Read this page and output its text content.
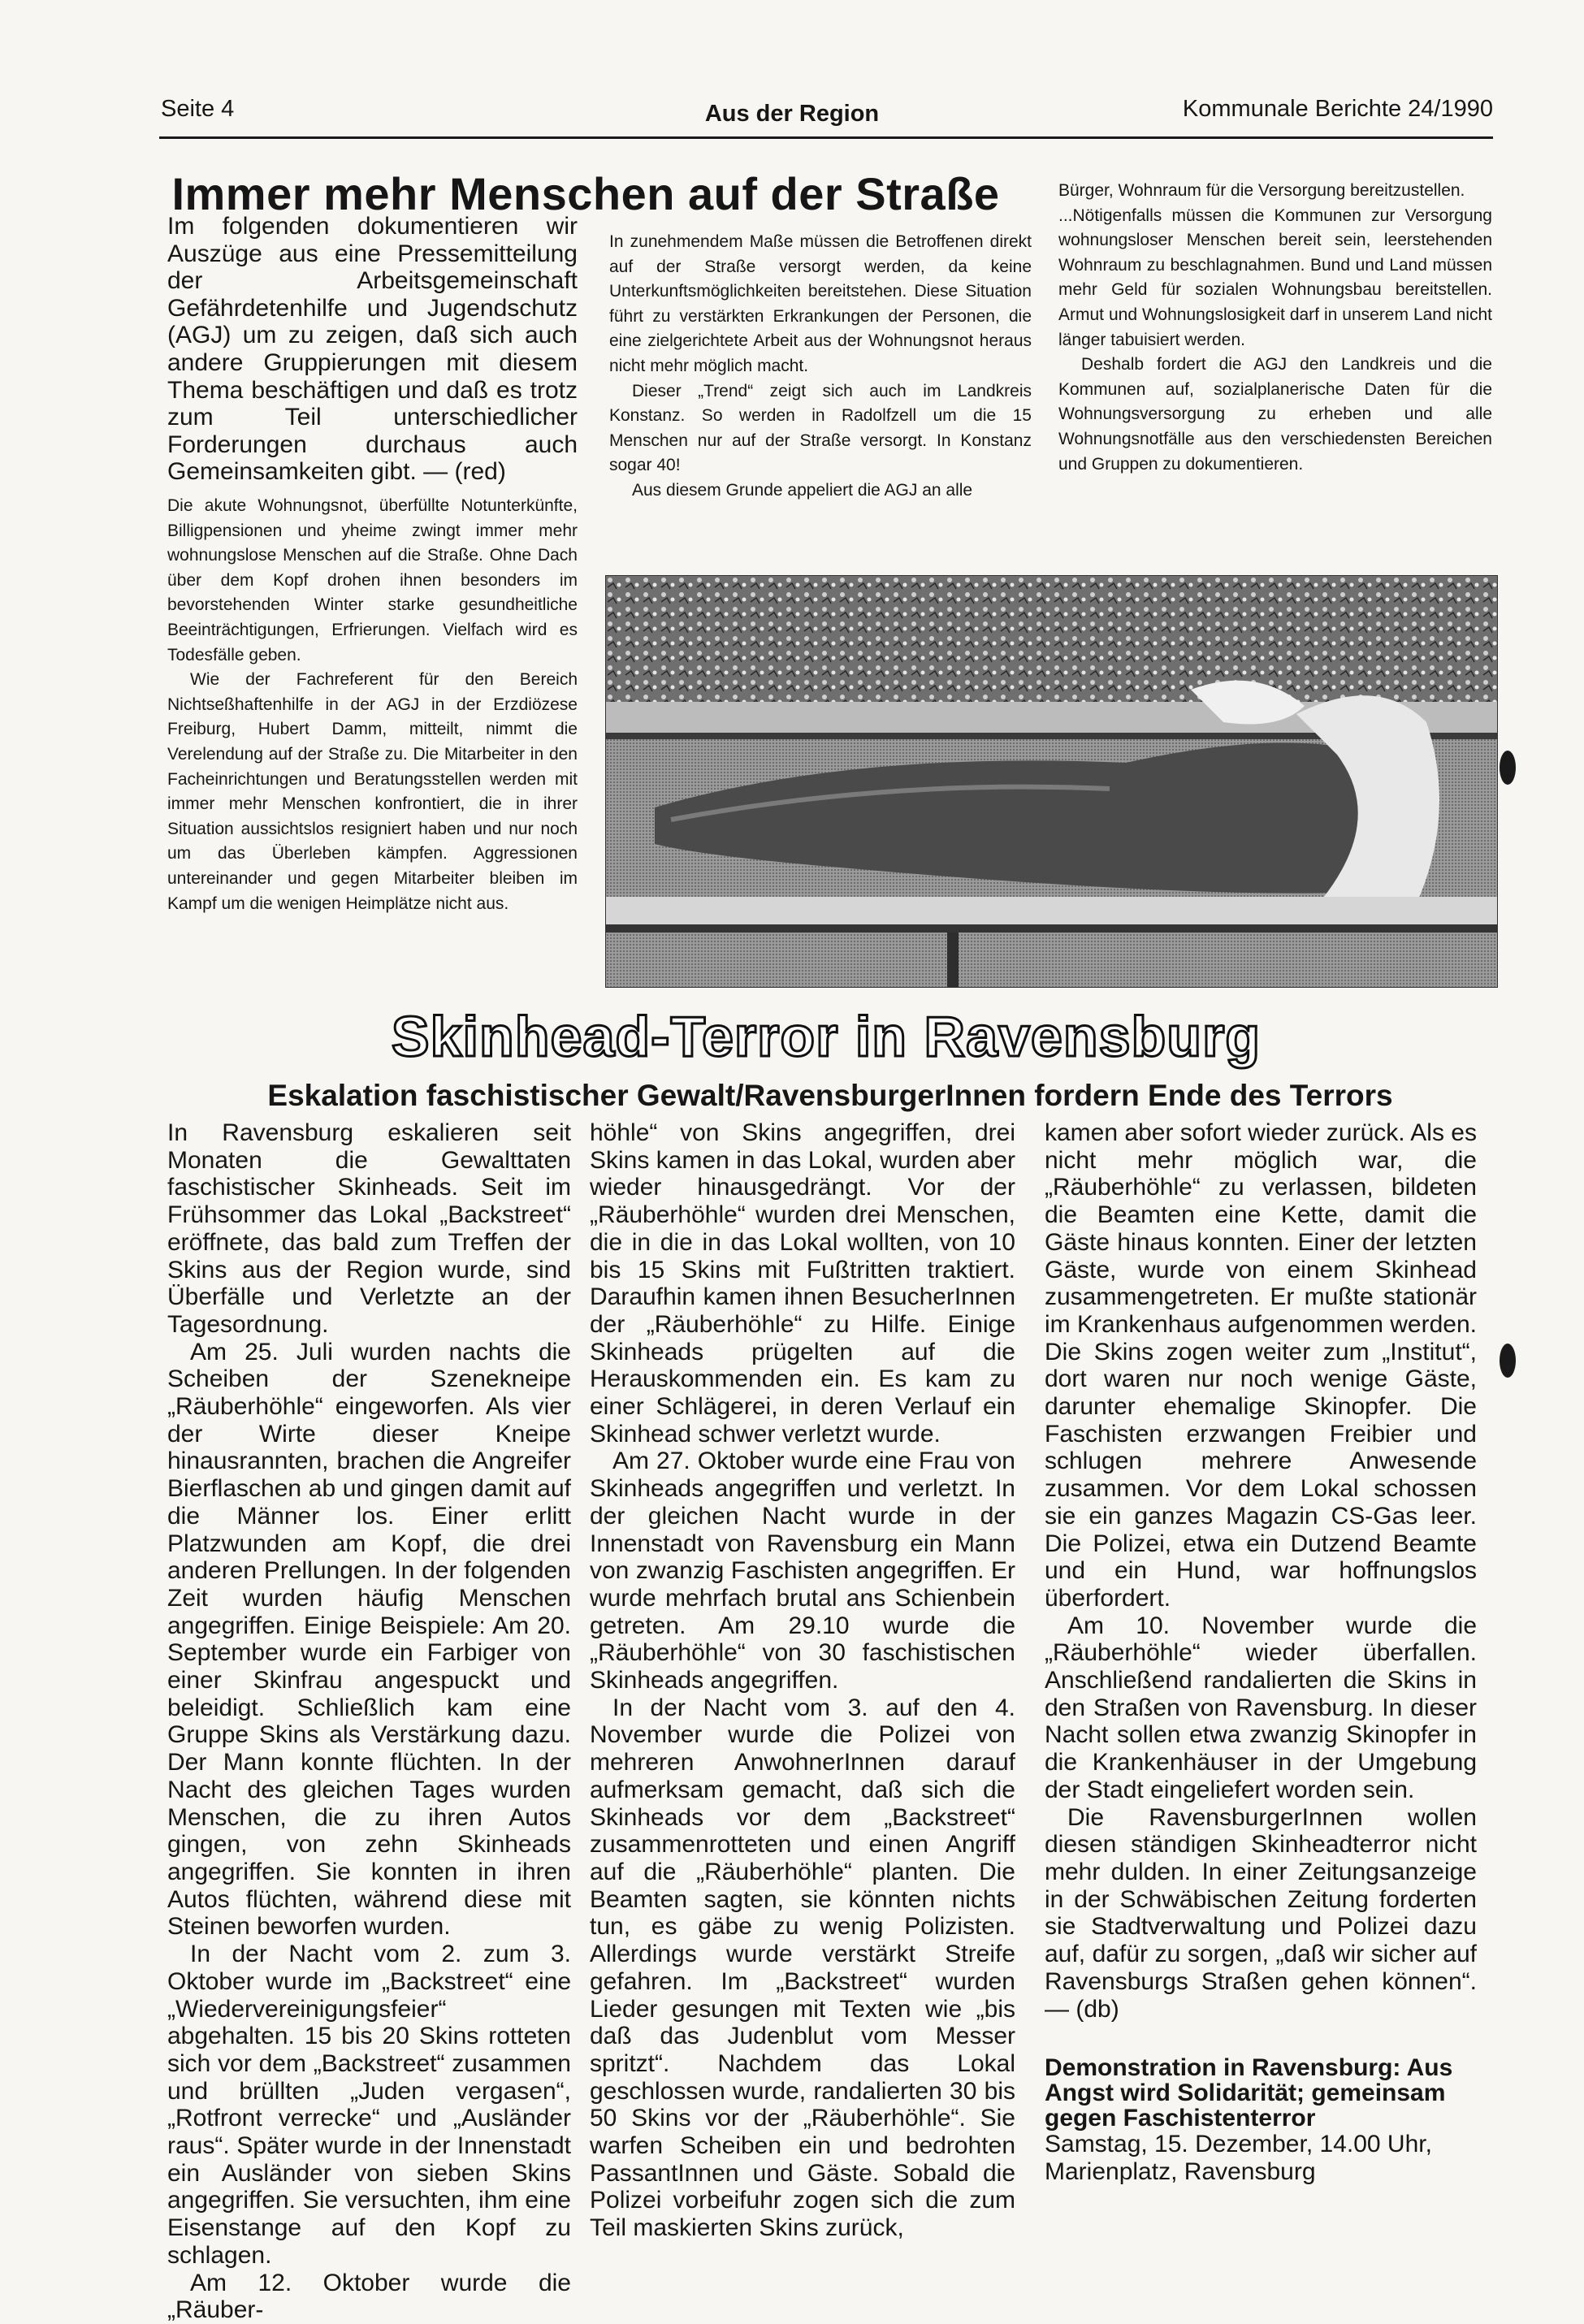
Seite 4	Aus der Region	Kommunale Berichte 24/1990
Immer mehr Menschen auf der Straße
Im folgenden dokumentieren wir Auszüge aus eine Pressemitteilung der Arbeitsgemeinschaft Gefährdetenhilfe und Jugendschutz (AGJ) um zu zeigen, daß sich auch andere Gruppierungen mit diesem Thema beschäftigen und daß es trotz zum Teil unterschiedlicher Forderungen durchaus auch Gemeinsamkeiten gibt. — (red)

Die akute Wohnungsnot, überfüllte Notunterkünfte, Billigpensionen und yheime zwingt immer mehr wohnungslose Menschen auf die Straße. Ohne Dach über dem Kopf drohen ihnen besonders im bevorstehenden Winter starke gesundheitliche Beeinträchtigungen, Erfrierungen. Vielfach wird es Todesfälle geben.

Wie der Fachreferent für den Bereich Nichtseßhaftenhilfe in der AGJ in der Erzdiözese Freiburg, Hubert Damm, mitteilt, nimmt die Verelendung auf der Straße zu. Die Mitarbeiter in den Facheinrichtungen und Beratungsstellen werden mit immer mehr Menschen konfrontiert, die in ihrer Situation aussichtslos resigniert haben und nur noch um das Überleben kämpfen. Aggressionen untereinander und gegen Mitarbeiter bleiben im Kampf um die wenigen Heimplätze nicht aus.

In zunehmendem Maße müssen die Betroffenen direkt auf der Straße versorgt werden, da keine Unterkunftsmöglichkeiten bereitstehen. Diese Situation führt zu verstärkten Erkrankungen der Personen, die eine zielgerichtete Arbeit aus der Wohnungsnot heraus nicht mehr möglich macht.

Dieser „Trend“ zeigt sich auch im Landkreis Konstanz. So werden in Radolfzell um die 15 Menschen nur auf der Straße versorgt. In Konstanz sogar 40!

Aus diesem Grunde appeliert die AGJ an alle

Bürger, Wohnraum für die Versorgung bereitzustellen.

...Nötigenfalls müssen die Kommunen zur Versorgung wohnungsloser Menschen bereit sein, leerstehenden Wohnraum zu beschlagnahmen. Bund und Land müssen mehr Geld für sozialen Wohnungsbau bereitstellen. Armut und Wohnungslosigkeit darf in unserem Land nicht länger tabuisiert werden.

Deshalb fordert die AGJ den Landkreis und die Kommunen auf, sozialplanerische Daten für die Wohnungsversorgung zu erheben und alle Wohnungsnotfälle aus den verschiedensten Bereichen und Gruppen zu dokumentieren.

Skinhead-Terror in Ravensburg
Eskalation faschistischer Gewalt/RavensburgerInnen fordern Ende des Terrors

In Ravensburg eskalieren seit Monaten die Gewalttaten faschistischer Skinheads. Seit im Frühsommer das Lokal „Backstreet“ eröffnete, das bald zum Treffen der Skins aus der Region wurde, sind Überfälle und Verletzte an der Tagesordnung.

Am 25. Juli wurden nachts die Scheiben der Szenekneipe „Räuberhöhle“ eingeworfen. Als vier der Wirte dieser Kneipe hinausrannten, brachen die Angreifer Bierflaschen ab und gingen damit auf die Männer los. Einer erlitt Platzwunden am Kopf, die drei anderen Prellungen. In der folgenden Zeit wurden häufig Menschen angegriffen. Einige Beispiele: Am 20. September wurde ein Farbiger von einer Skinfrau angespuckt und beleidigt. Schließlich kam eine Gruppe Skins als Verstärkung dazu. Der Mann konnte flüchten. In der Nacht des gleichen Tages wurden Menschen, die zu ihren Autos gingen, von zehn Skinheads angegriffen. Sie konnten in ihren Autos flüchten, während diese mit Steinen beworfen wurden.

In der Nacht vom 2. zum 3. Oktober wurde im „Backstreet“ eine „Wiedervereinigungsfeier“ abgehalten. 15 bis 20 Skins rotteten sich vor dem „Backstreet“ zusammen und brüllten „Juden vergasen“, „Rotfront verrecke“ und „Ausländer raus“. Später wurde in der Innenstadt ein Ausländer von sieben Skins angegriffen. Sie versuchten, ihm eine Eisenstange auf den Kopf zu schlagen.

Am 12. Oktober wurde die „Räuber-

höhle“ von Skins angegriffen, drei Skins kamen in das Lokal, wurden aber wieder hinausgedrängt. Vor der „Räuberhöhle“ wurden drei Menschen, die in die in das Lokal wollten, von 10 bis 15 Skins mit Fußtritten traktiert. Daraufhin kamen ihnen BesucherInnen der „Räuberhöhle“ zu Hilfe. Einige Skinheads prügelten auf die Herauskommenden ein. Es kam zu einer Schlägerei, in deren Verlauf ein Skinhead schwer verletzt wurde.

Am 27. Oktober wurde eine Frau von Skinheads angegriffen und verletzt. In der gleichen Nacht wurde in der Innenstadt von Ravensburg ein Mann von zwanzig Faschisten angegriffen. Er wurde mehrfach brutal ans Schienbein getreten. Am 29.10 wurde die „Räuberhöhle“ von 30 faschistischen Skinheads angegriffen.

In der Nacht vom 3. auf den 4. November wurde die Polizei von mehreren AnwohnerInnen darauf aufmerksam gemacht, daß sich die Skinheads vor dem „Backstreet“ zusammenrotteten und einen Angriff auf die „Räuberhöhle“ planten. Die Beamten sagten, sie könnten nichts tun, es gäbe zu wenig Polizisten. Allerdings wurde verstärkt Streife gefahren. Im „Backstreet“ wurden Lieder gesungen mit Texten wie „bis daß das Judenblut vom Messer spritzt“. Nachdem das Lokal geschlossen wurde, randalierten 30 bis 50 Skins vor der „Räuberhöhle“. Sie warfen Scheiben ein und bedrohten PassantInnen und Gäste. Sobald die Polizei vorbeifuhr zogen sich die zum Teil maskierten Skins zurück,

kamen aber sofort wieder zurück. Als es nicht mehr möglich war, die „Räuberhöhle“ zu verlassen, bildeten die Beamten eine Kette, damit die Gäste hinaus konnten. Einer der letzten Gäste, wurde von einem Skinhead zusammengetreten. Er mußte stationär im Krankenhaus aufgenommen werden. Die Skins zogen weiter zum „Institut“, dort waren nur noch wenige Gäste, darunter ehemalige Skinopfer. Die Faschisten erzwangen Freibier und schlugen mehrere Anwesende zusammen. Vor dem Lokal schossen sie ein ganzes Magazin CS-Gas leer. Die Polizei, etwa ein Dutzend Beamte und ein Hund, war hoffnungslos überfordert.

Am 10. November wurde die „Räuberhöhle“ wieder überfallen. Anschließend randalierten die Skins in den Straßen von Ravensburg. In dieser Nacht sollen etwa zwanzig Skinopfer in die Krankenhäuser in der Umgebung der Stadt eingeliefert worden sein.

Die RavensburgerInnen wollen diesen ständigen Skinheadterror nicht mehr dulden. In einer Zeitungsanzeige in der Schwäbischen Zeitung forderten sie Stadtverwaltung und Polizei dazu auf, dafür zu sorgen, „daß wir sicher auf Ravensburgs Straßen gehen können“. — (db)

Demonstration in Ravensburg: Aus Angst wird Solidarität; gemeinsam gegen Faschistenterror
Samstag, 15. Dezember, 14.00 Uhr, Marienplatz, Ravensburg
